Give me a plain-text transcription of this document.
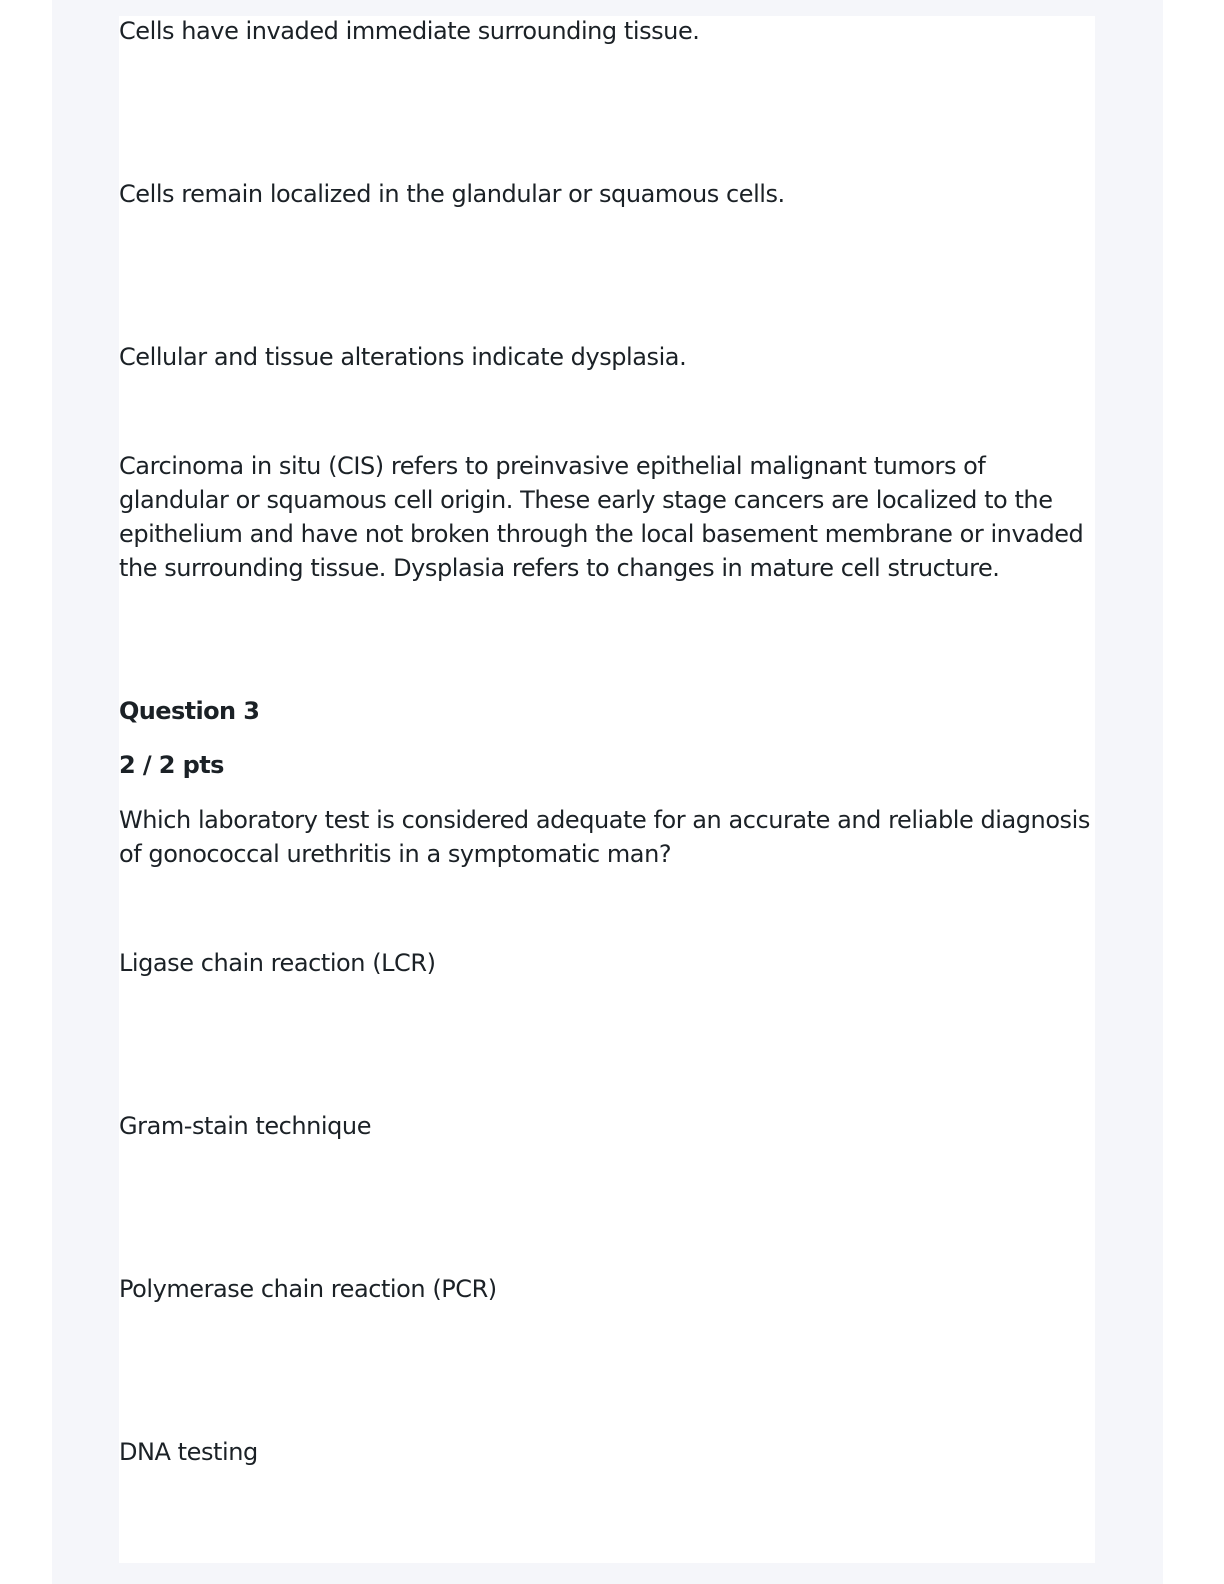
Cells have invaded immediate surrounding tissue.

Cells remain localized in the glandular or squamous cells.

Cellular and tissue alterations indicate dysplasia.

Carcinoma in situ (CIS) refers to preinvasive epithelial malignant tumors of glandular or squamous cell origin. These early stage cancers are localized to the epithelium and have not broken through the local basement membrane or invaded the surrounding tissue. Dysplasia refers to changes in mature cell structure.

Question 3

2 / 2 pts

Which laboratory test is considered adequate for an accurate and reliable diagnosis of gonococcal urethritis in a symptomatic man?

Ligase chain reaction (LCR)

Gram-stain technique

Polymerase chain reaction (PCR)

DNA testing
